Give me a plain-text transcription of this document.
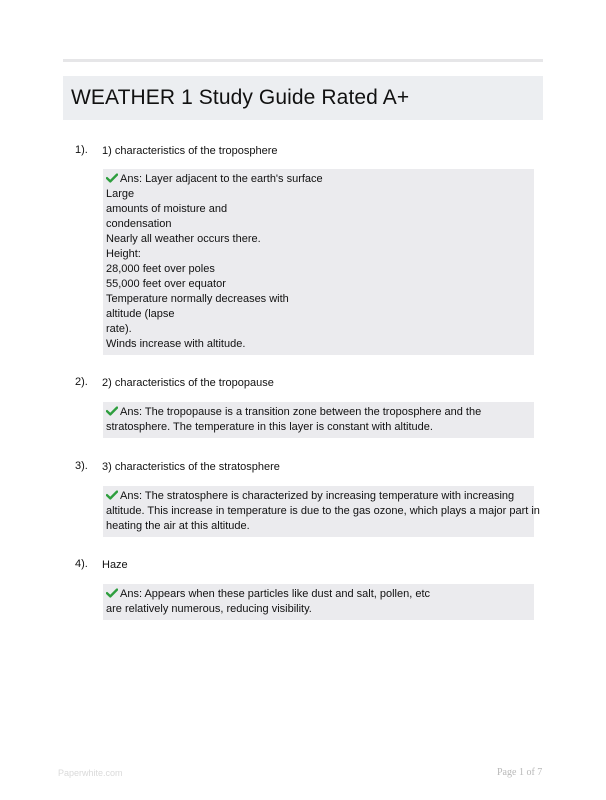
WEATHER 1 Study Guide Rated A+
1). 1) characteristics of the troposphere
Ans: Layer adjacent to the earth's surface
Large
amounts of moisture and
condensation
Nearly all weather occurs there.
Height:
28,000 feet over poles
55,000 feet over equator
Temperature normally decreases with
altitude (lapse
rate).
Winds increase with altitude.
2). 2) characteristics of the tropopause
Ans: The tropopause is a transition zone between the troposphere and the
stratosphere. The temperature in this layer is constant with altitude.
3). 3) characteristics of the stratosphere
Ans: The stratosphere is characterized by increasing temperature with increasing
altitude. This increase in temperature is due to the gas ozone, which plays a major part in
heating the air at this altitude.
4). Haze
Ans: Appears when these particles like dust and salt, pollen, etc
are relatively numerous, reducing visibility.
Paperwhite.com	Page 1 of 7
